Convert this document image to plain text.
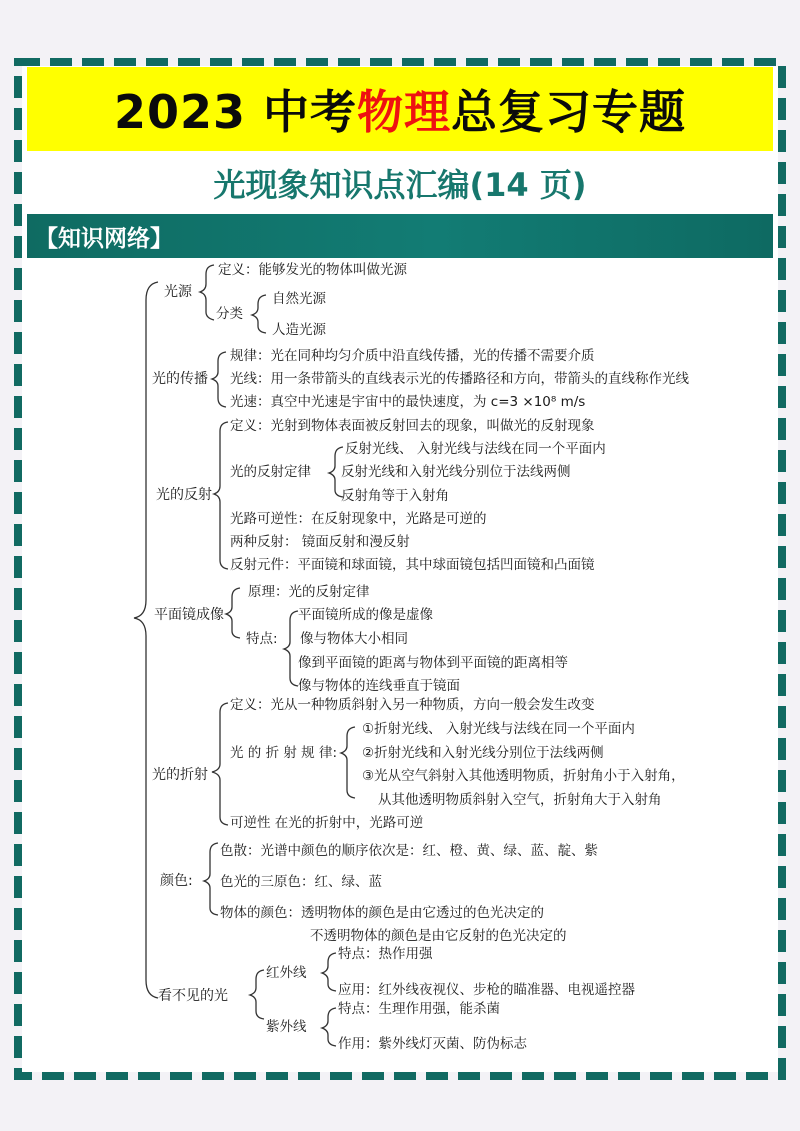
2023 中考物理总复习专题
光现象知识点汇编(14 页)
【知识网络】
光源
定义：能够发光的物体叫做光源
分类
自然光源
人造光源
光的传播
规律：光在同种均匀介质中沿直线传播，光的传播不需要介质
光线：用一条带箭头的直线表示光的传播路径和方向，带箭头的直线称作光线
光速：真空中光速是宇宙中的最快速度，为 c=3 ×10⁸ m/s
光的反射
定义：光射到物体表面被反射回去的现象，叫做光的反射现象
光的反射定律
反射光线、 入射光线与法线在同一个平面内
反射光线和入射光线分别位于法线两侧
反射角等于入射角
光路可逆性：在反射现象中，光路是可逆的
两种反射： 镜面反射和漫反射
反射元件：平面镜和球面镜，其中球面镜包括凹面镜和凸面镜
平面镜成像
原理：光的反射定律
特点:
平面镜所成的像是虚像
像与物体大小相同
像到平面镜的距离与物体到平面镜的距离相等
像与物体的连线垂直于镜面
光的折射
定义：光从一种物质斜射入另一种物质，方向一般会发生改变
光 的 折 射 规 律:
①折射光线、 入射光线与法线在同一个平面内
②折射光线和入射光线分别位于法线两侧
③光从空气斜射入其他透明物质，折射角小于入射角，
从其他透明物质斜射入空气，折射角大于入射角
可逆性 在光的折射中，光路可逆
颜色:
色散：光谱中颜色的顺序依次是：红、橙、黄、绿、蓝、靛、紫
色光的三原色：红、绿、蓝
物体的颜色：透明物体的颜色是由它透过的色光决定的
不透明物体的颜色是由它反射的色光决定的
看不见的光
红外线
特点：热作用强
应用：红外线夜视仪、步枪的瞄准器、电视遥控器
紫外线
特点：生理作用强，能杀菌
作用：紫外线灯灭菌、防伪标志
